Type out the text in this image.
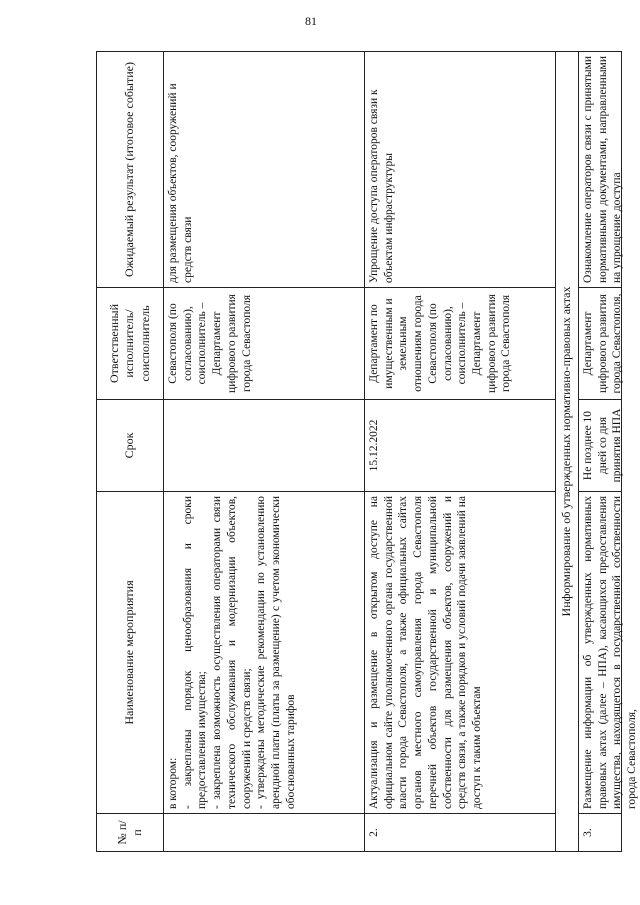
81
№ п/п	Наименование мероприятия	Срок	Ответственный исполнитель/ соисполнитель	Ожидаемый результат (итоговое событие)

	в котором: - закреплены порядок ценообразования и сроки предоставления имущества; - закреплена возможность осуществления операторами связи технического обслуживания и модернизации объектов, сооружений и средств связи; - утверждены методические рекомендации по установлению арендной платы (платы за размещение) с учетом экономически обоснованных тарифов		Севастополя (по согласованию), соисполнитель – Департамент цифрового развития города Севастополя	для размещения объектов, сооружений и средств связи
2.	Актуализация и размещение в открытом доступе на официальном сайте уполномоченного органа государственной власти города Севастополя, а также официальных сайтах органов местного самоуправления города Севастополя перечней объектов государственной и муниципальной собственности для размещения объектов, сооружений и средств связи, а также порядков и условий подачи заявлений на доступ к таким объектам	15.12.2022	Департамент по имущественным и земельным отношениям города Севастополя (по согласованию), соисполнитель – Департамент цифрового развития города Севастополя	Упрощение доступа операторов связи к объектам инфраструктуры
Информирование об утвержденных нормативно-правовых актах				

3.	Размещение информации об утвержденных нормативных правовых актах (далее – НПА), касающихся предоставления имущества, находящегося в государственной собственности города Севастополя,	Не позднее 10 дней со дня принятия НПА	Департамент цифрового развития города Севастополя,	Ознакомление операторов связи с принятыми нормативными документами, направленными на упрощение доступа
